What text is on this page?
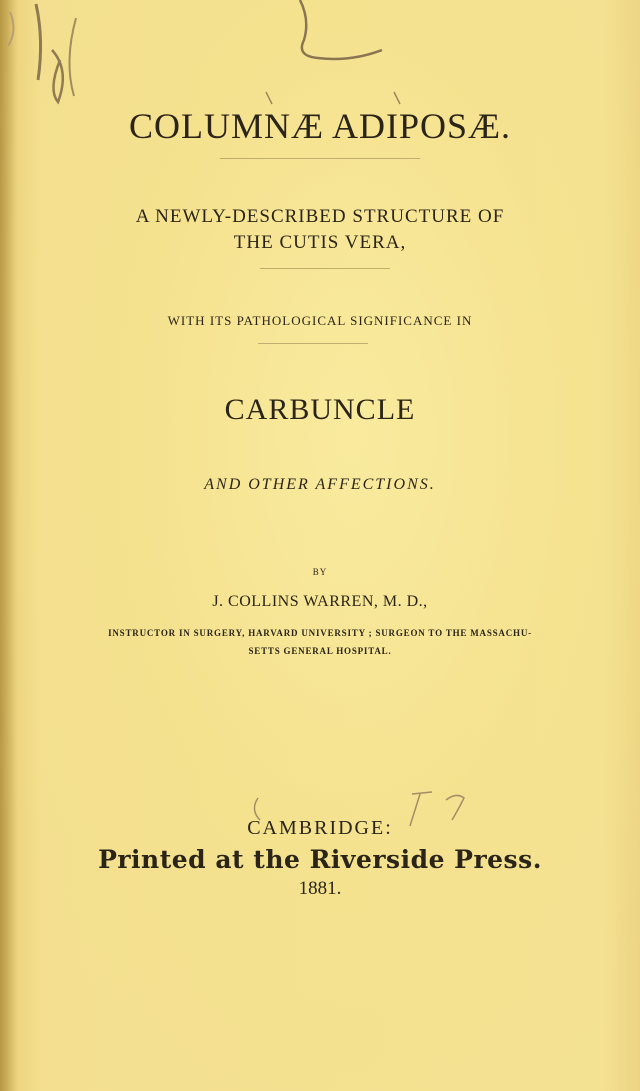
COLUMNÆ ADIPOSÆ.
A NEWLY-DESCRIBED STRUCTURE OF
THE CUTIS VERA,
WITH ITS PATHOLOGICAL SIGNIFICANCE IN
CARBUNCLE
AND OTHER AFFECTIONS.
BY
J. COLLINS WARREN, M. D.,
INSTRUCTOR IN SURGERY, HARVARD UNIVERSITY ; SURGEON TO THE MASSACHU-
SETTS GENERAL HOSPITAL.
CAMBRIDGE:
Printed at the Riverside Press.
1881.
